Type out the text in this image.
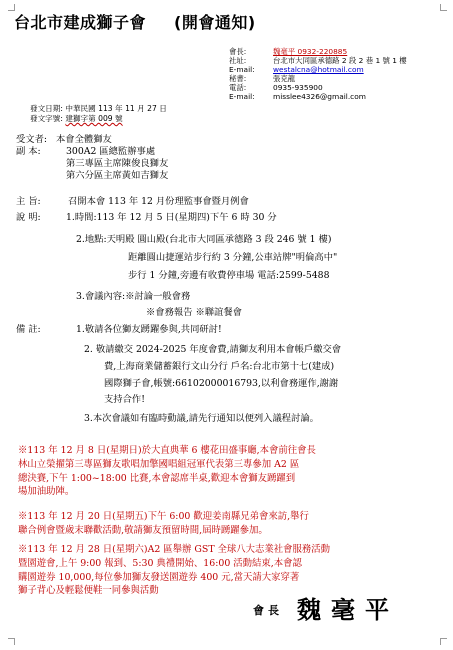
台北市建成獅子會 (開會通知)
會長:	魏毫平 0932-220885
社址:	台北市大同區承德路 2 段 2 巷 1 號 1 樓
E-mail: westalcna@hotmail.com
秘書:	張克龍
電話:	0935-935900
E-mail: misslee4326@gmail.com
發文日期: 中華民國 113 年 11 月 27 日
發文字號: 建獅字第 009 號
受文者: 本會全體獅友
副 本:	300A2 區總監辦事處
第三專區主席陳俊良獅友
第六分區主席黃如吉獅友
主 旨:	召開本會 113 年 12 月份理監事會暨月例會
說 明:	1.時間:113 年 12 月 5 日(星期四)下午 6 時 30 分
2.地點:天明殿 圓山殿(台北市大同區承德路 3 段 246 號 1 樓)
距離圓山捷運站步行約 3 分鐘,公車站牌"明倫高中"
步行 1 分鐘,旁邊有收費停車場 電話:2599-5488
3.會議內容:※討論一般會務
※會務報告 ※聯誼餐會
備 註:	1.敬請各位獅友踴躍參與,共同研討!
2. 敬請繳交 2024-2025 年度會費,請獅友利用本會帳戶繳交會
費,上海商業儲蓄銀行文山分行 戶名:台北市第十七(建成)
國際獅子會,帳號:66102000016793,以利會務運作,謝謝
支持合作!
3.本次會議如有臨時動議,請先行通知以便列入議程討論。
※113 年 12 月 8 日(星期日)於大直典華 6 樓花田盛事廳,本會前往會長
林山立榮擢第三專區獅友歌唱加擎國唱組冠軍代表第三專參加 A2 區
總決賽,下午 1:00~18:00 比賽,本會認席半桌,歡迎本會獅友踴躍到
場加油助陣。
※113 年 12 月 20 日(星期五)下午 6:00 歡迎姜南縣兄弟會來訪,舉行
聯合例會暨歲末聯歡活動,敬請獅友預留時間,屆時踴躍參加。
※113 年 12 月 28 日(星期六)A2 區舉辦 GST 全球八大志業社會服務活動
暨園遊會,上午 9:00 報到、5:30 典禮開始、16:00 活動結束,本會認
購園遊券 10,000,每位參加獅友發送園遊券 400 元,當天請大家穿著
獅子背心及輕鬆便鞋一同參與活動
$^{會長}$ 魏毫平
